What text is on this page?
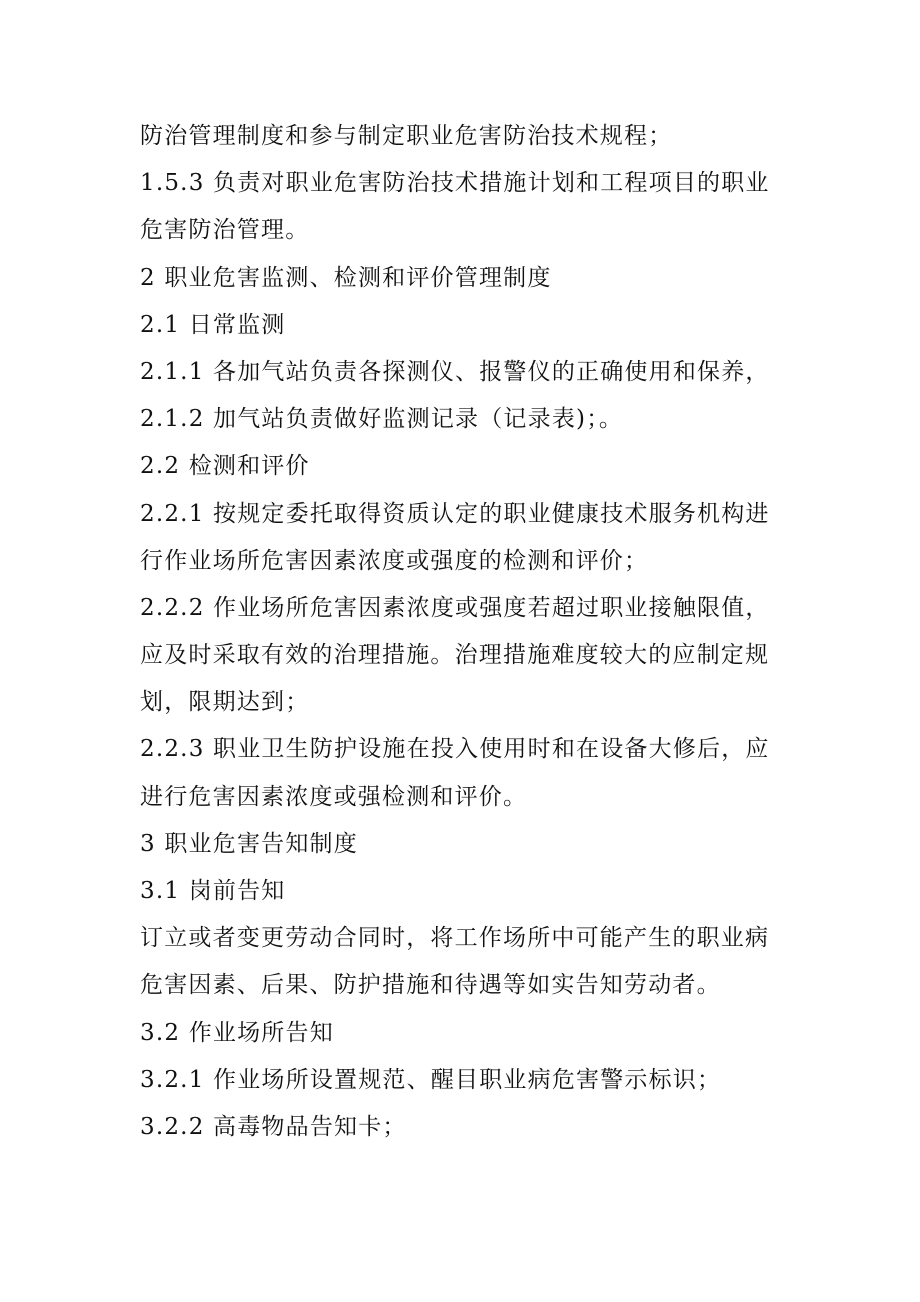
防治管理制度和参与制定职业危害防治技术规程；
1.5.3 负责对职业危害防治技术措施计划和工程项目的职业
危害防治管理。
2 职业危害监测、检测和评价管理制度
2.1 日常监测
2.1.1 各加气站负责各探测仪、报警仪的正确使用和保养，
2.1.2 加气站负责做好监测记录（记录表)；。
2.2 检测和评价
2.2.1 按规定委托取得资质认定的职业健康技术服务机构进
行作业场所危害因素浓度或强度的检测和评价；
2.2.2 作业场所危害因素浓度或强度若超过职业接触限值，
应及时采取有效的治理措施。治理措施难度较大的应制定规
划，限期达到；
2.2.3 职业卫生防护设施在投入使用时和在设备大修后，应
进行危害因素浓度或强检测和评价。
3 职业危害告知制度
3.1 岗前告知
订立或者变更劳动合同时，将工作场所中可能产生的职业病
危害因素、后果、防护措施和待遇等如实告知劳动者。
3.2 作业场所告知
3.2.1 作业场所设置规范、醒目职业病危害警示标识；
3.2.2 高毒物品告知卡；
